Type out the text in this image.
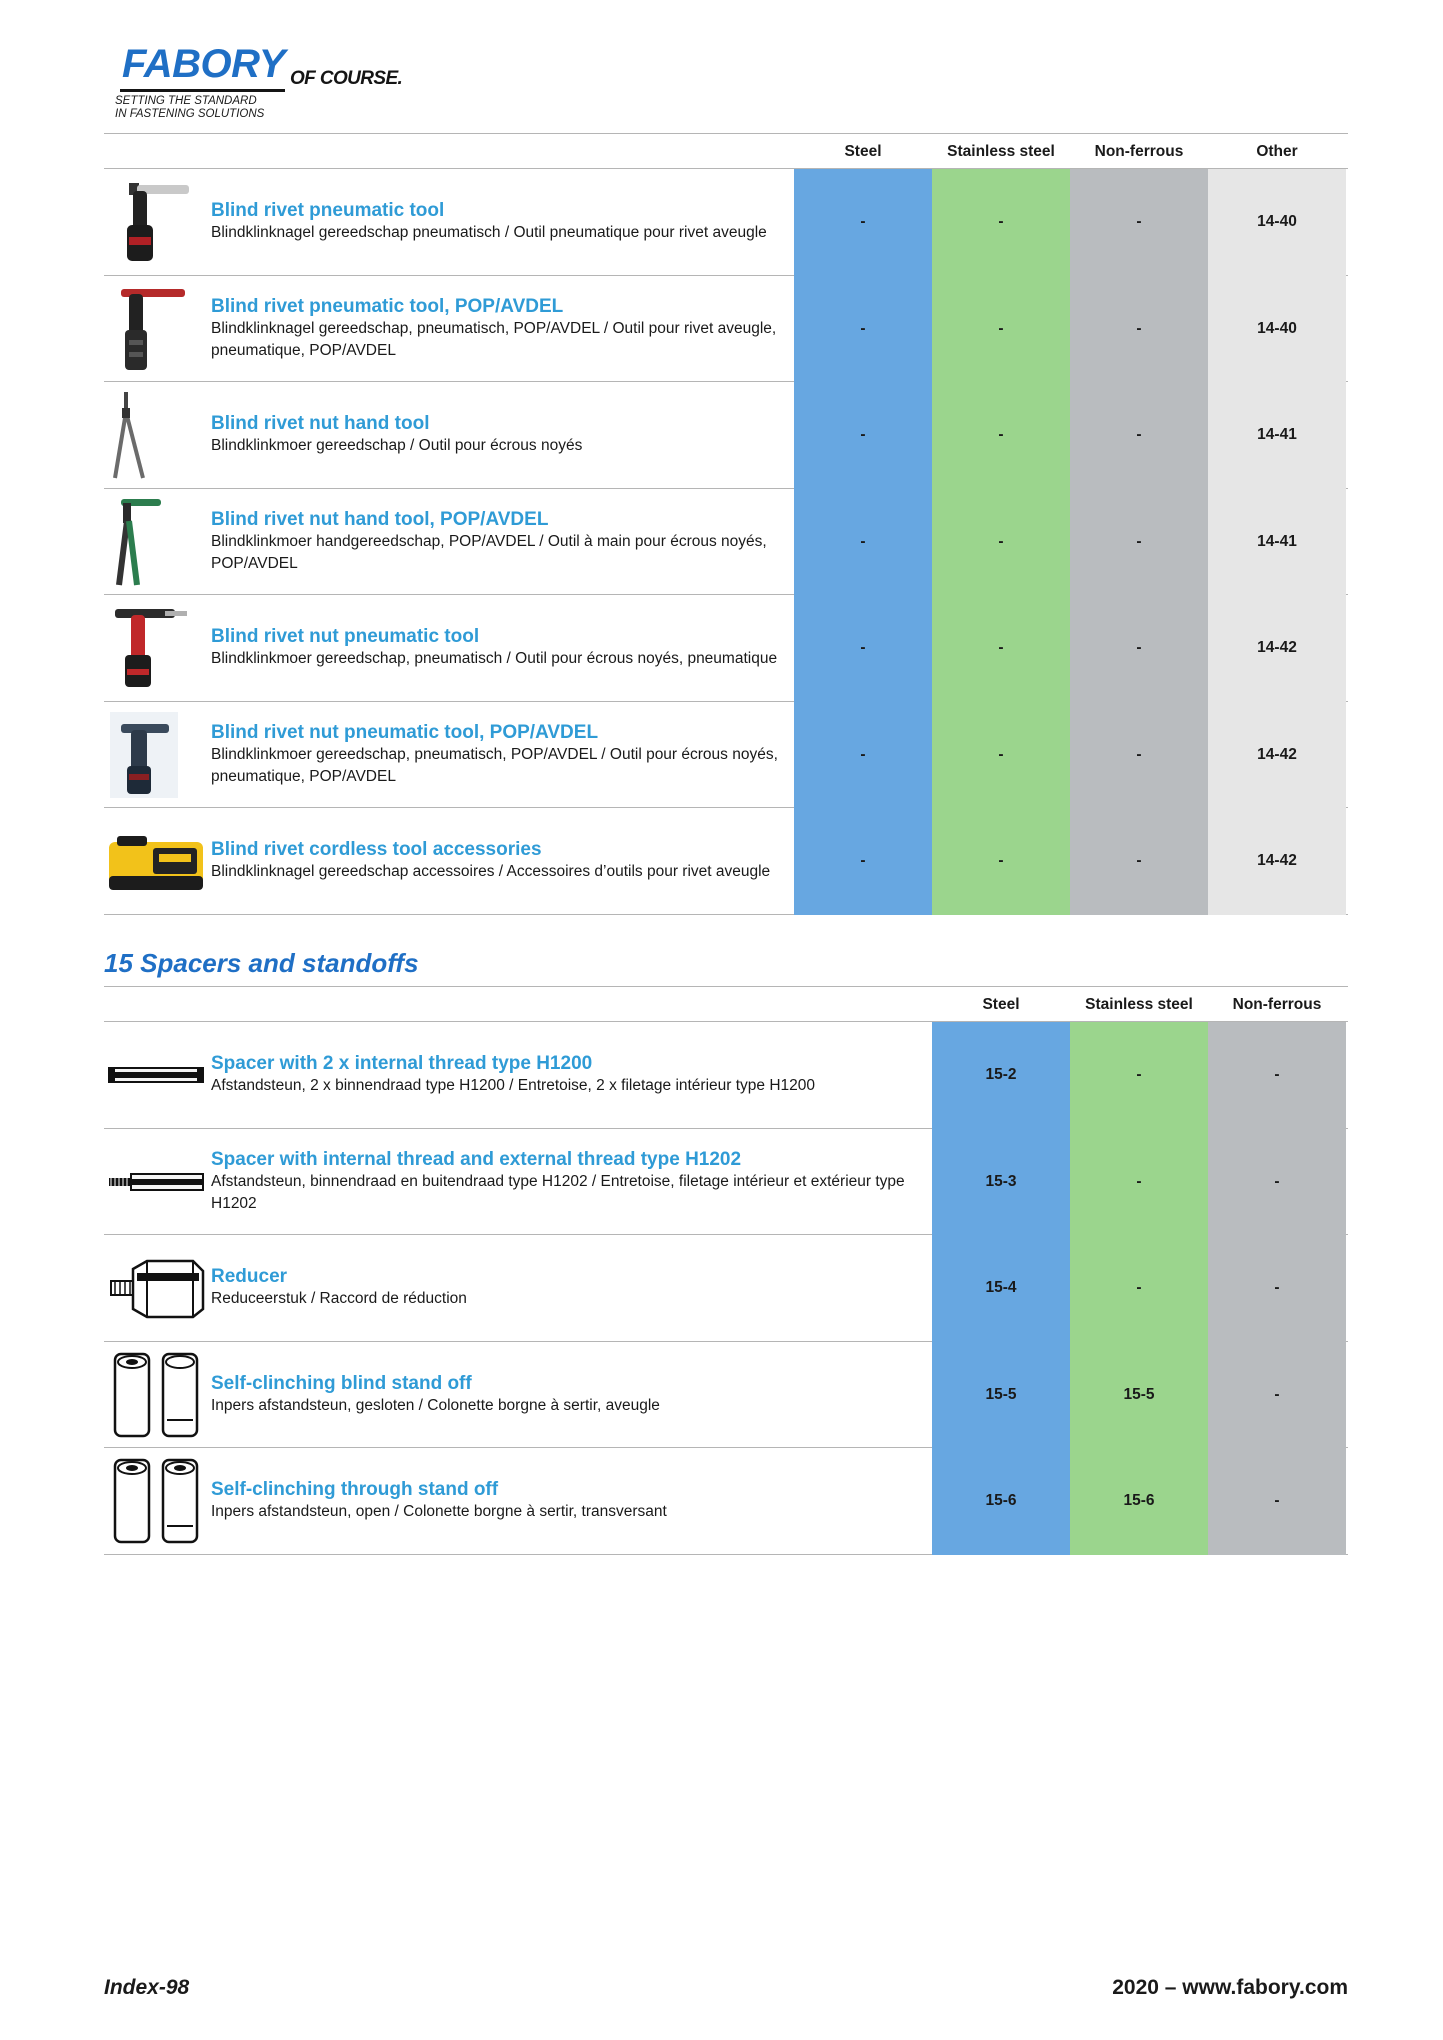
FABORY OF COURSE.
SETTING THE STANDARD
IN FASTENING SOLUTIONS
Steel	Stainless steel	Non-ferrous	Other
Blind rivet pneumatic tool
Blindklinknagel gereedschap pneumatisch / Outil pneumatique pour rivet aveugle
-	-	-	14-40
Blind rivet pneumatic tool, POP/AVDEL
Blindklinknagel gereedschap, pneumatisch, POP/AVDEL / Outil pour rivet aveugle, pneumatique, POP/AVDEL
-	-	-	14-40
Blind rivet nut hand tool
Blindklinkmoer gereedschap / Outil pour écrous noyés
-	-	-	14-41
Blind rivet nut hand tool, POP/AVDEL
Blindklinkmoer handgereedschap, POP/AVDEL / Outil à main pour écrous noyés, POP/AVDEL
-	-	-	14-41
Blind rivet nut pneumatic tool
Blindklinkmoer gereedschap, pneumatisch / Outil pour écrous noyés, pneumatique
-	-	-	14-42
Blind rivet nut pneumatic tool, POP/AVDEL
Blindklinkmoer gereedschap, pneumatisch, POP/AVDEL / Outil pour écrous noyés, pneumatique, POP/AVDEL
-	-	-	14-42
Blind rivet cordless tool accessories
Blindklinknagel gereedschap accessoires / Accessoires d’outils pour rivet aveugle
-	-	-	14-42
15 Spacers and standoffs
Steel	Stainless steel	Non-ferrous
Spacer with 2 x internal thread type H1200
Afstandsteun, 2 x binnendraad type H1200 / Entretoise, 2 x filetage intérieur type H1200
15-2	-	-
Spacer with internal thread and external thread type H1202
Afstandsteun, binnendraad en buitendraad type H1202 / Entretoise, filetage intérieur et extérieur type H1202
15-3	-	-
Reducer
Reduceerstuk / Raccord de réduction
15-4	-	-
Self-clinching blind stand off
Inpers afstandsteun, gesloten / Colonette borgne à sertir, aveugle
15-5	15-5	-
Self-clinching through stand off
Inpers afstandsteun, open / Colonette borgne à sertir, transversant
15-6	15-6	-
Index-98	2020 – www.fabory.com
